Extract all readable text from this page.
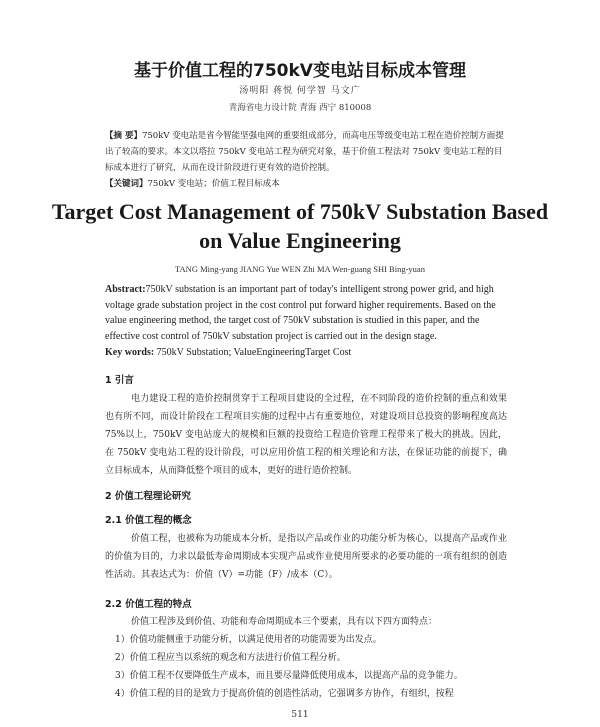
基于价值工程的750kV变电站目标成本管理

汤明阳 蒋悦 何学智 马文广

青海省电力设计院 青海 西宁 810008

【摘 要】750kV 变电站是省今智能坚强电网的重要组成部分，而高电压等级变电站工程在造价控制方面提出了较高的要求。本文以塔拉 750kV 变电站工程为研究对象，基于价值工程法对 750kV 变电站工程的目标成本进行了研究，从而在设计阶段进行更有效的造价控制。

【关键词】750kV 变电站；价值工程目标成本

Target Cost Management of 750kV Substation Based
on Value Engineering

TANG Ming-yang JIANG Yue WEN Zhi MA Wen-guang SHI Bing-yuan

Abstract:750kV substation is an important part of today's intelligent strong power grid, and high voltage grade substation project in the cost control put forward higher requirements. Based on the value engineering method, the target cost of 750kV substation is studied in this paper, and the effective cost control of 750kV substation project is carried out in the design stage.

Key words: 750kV Substation; ValueEngineeringTarget Cost

1 引言

电力建设工程的造价控制贯穿于工程项目建设的全过程，在不同阶段的造价控制的重点和效果也有所不同，而设计阶段在工程项目实施的过程中占有重要地位，对建设项目总投资的影响程度高达 75%以上，750kV 变电站庞大的规模和巨额的投资给工程造价管理工程带来了极大的挑战。因此，在 750kV 变电站工程的设计阶段，可以应用价值工程的相关理论和方法，在保证功能的前提下，确立目标成本，从而降低整个项目的成本，更好的进行造价控制。

2 价值工程理论研究
2.1 价值工程的概念

价值工程，也被称为功能成本分析，是指以产品或作业的功能分析为核心，以提高产品或作业的价值为目的，力求以最低寿命周期成本实现产品或作业使用所要求的必要功能的一项有组织的创造性活动。其表达式为：价值（V）=功能（F）/成本（C）。

2.2 价值工程的特点
价值工程涉及到价值、功能和寿命周期成本三个要素，具有以下四方面特点：
1）价值功能侧重于功能分析，以满足使用者的功能需要为出发点。
2）价值工程应当以系统的观念和方法进行价值工程分析。
3）价值工程不仅要降低生产成本，而且要尽量降低使用成本，以提高产品的竞争能力。
4）价值工程的目的是致力于提高价值的创造性活动，它强调多方协作，有组织，按程
511
